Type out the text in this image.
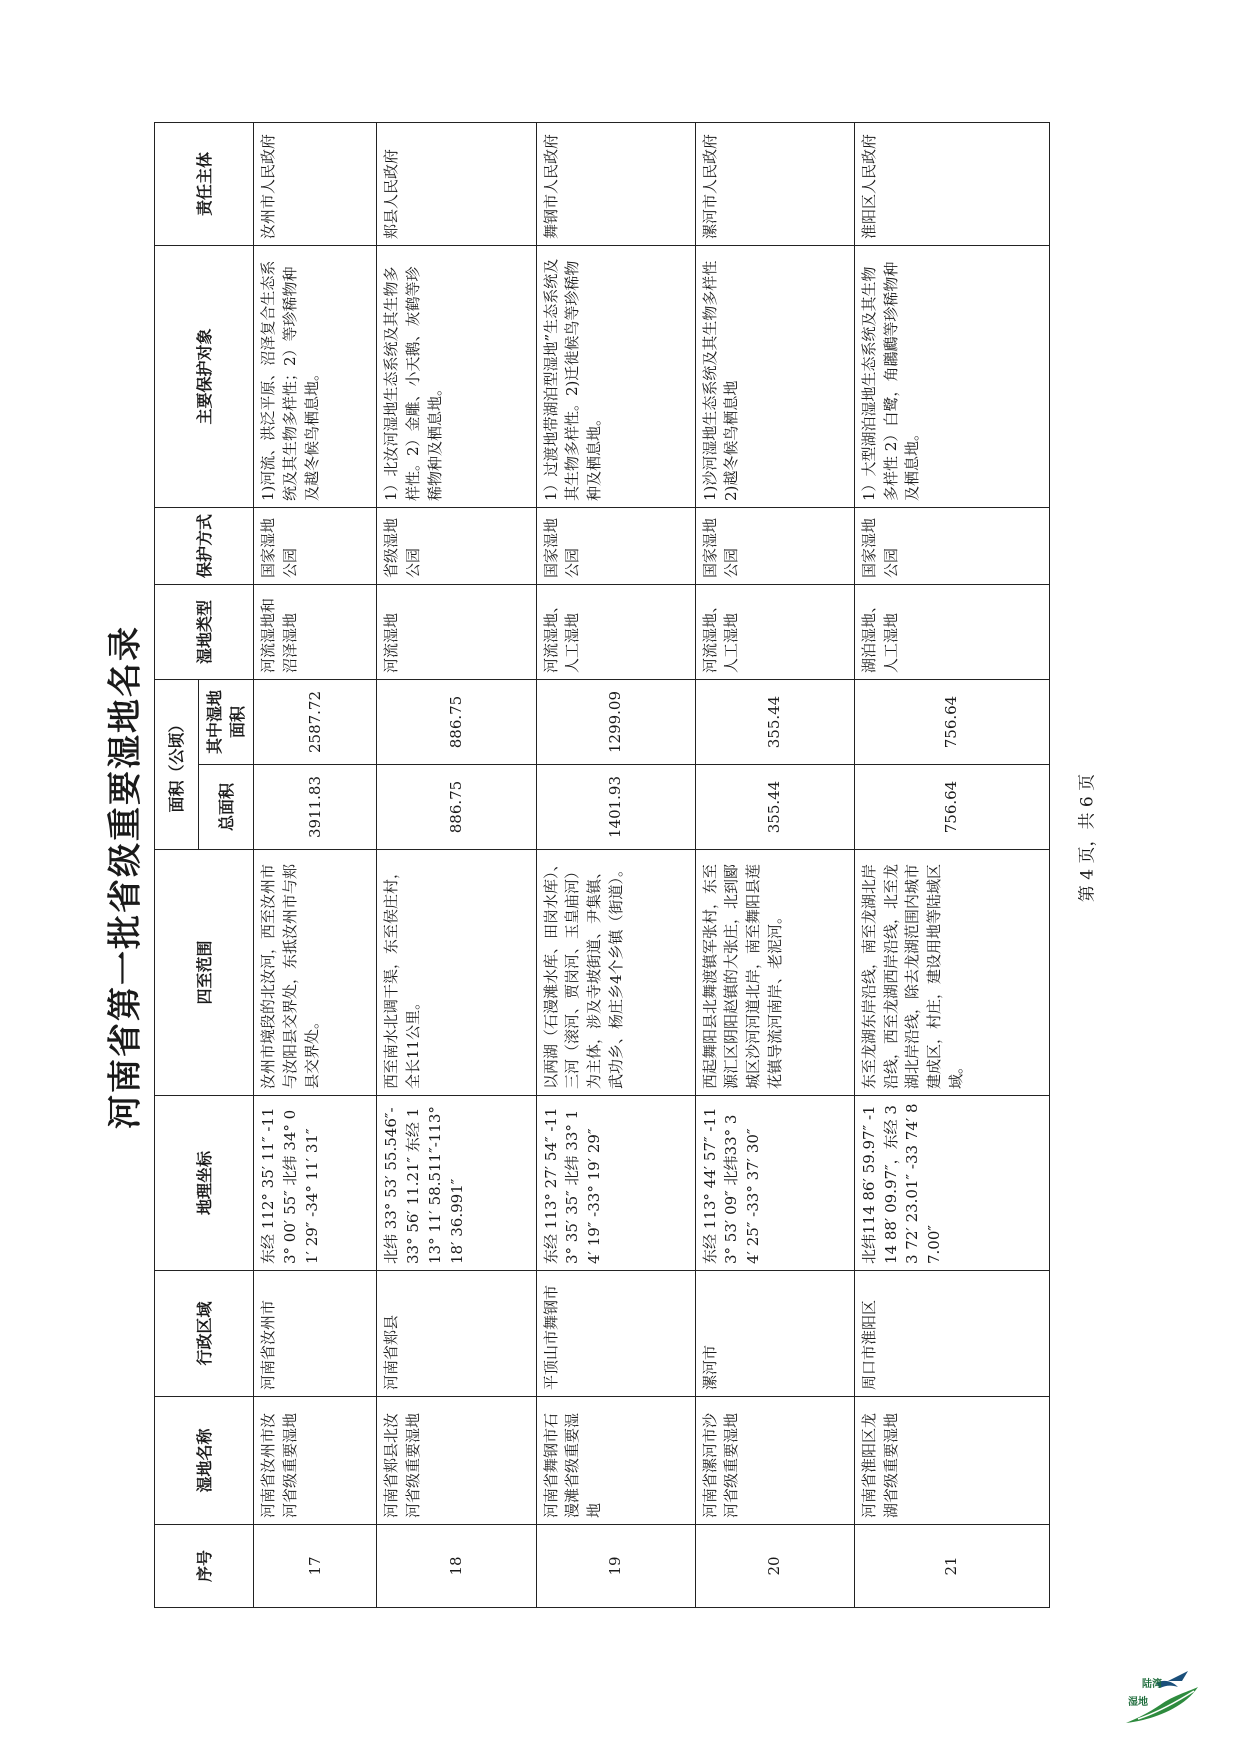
河南省第一批省级重要湿地名录
序号	湿地名称	行政区域	地理坐标	四至范围	面积（公顷）		湿地类型	保护方式	主要保护对象	责任主体
					总面积	其中湿地面积				
17	河南省汝州市汝河省级重要湿地	河南省汝州市	东经 112° 35′ 11″ -113° 00′ 55″ 北纬 34° 01′ 29″ -34° 11′ 31″	汝州市境段的北汝河，西至汝州市与汝阳县交界处，东抵汝州市与郏县交界处。	3911.83	2587.72	河流湿地和沼泽湿地	国家湿地公园	1)河流、洪泛平原、沼泽复合生态系统及其生物多样性；2）等珍稀物种及越冬候鸟栖息地。	汝州市人民政府
18	河南省郏县北汝河省级重要湿地	河南省郏县	北纬 33° 53′ 55.546″-33° 56′ 11.21″ 东经 113° 11′ 58.511″-113° 18′ 36.991″	西至南水北调干渠，东至侯庄村，全长11公里。	886.75	886.75	河流湿地	省级湿地公园	1）北汝河湿地生态系统及其生物多样性。2）金雕、小天鹅、灰鹤等珍稀物种及栖息地。	郏县人民政府
19	河南省舞钢市石漫滩省级重要湿地	平顶山市舞钢市	东经 113° 27′ 54″ -113° 35′ 35″ 北纬 33° 14′ 19″ -33° 19′ 29″	以两湖（石漫滩水库、田岗水库）、三河（滚河、贾岗河、玉皇庙河）为主体，涉及寺坡街道、尹集镇、武功乡、杨庄乡4个乡镇（街道）。	1401.93	1299.09	河流湿地、人工湿地	国家湿地公园	1）过渡地带湖泊型湿地”生态系统及其生物多样性。2)迁徙候鸟等珍稀物种及栖息地。	舞钢市人民政府
20	河南省漯河市沙河省级重要湿地	漯河市	东经 113° 44′ 57″ -113° 53′ 09″ 北纬33° 34′ 25″ -33° 37′ 30″	西起舞阳县北舞渡镇军张村，东至源汇区阴阳赵镇的大张庄，北到郾城区沙河河道北岸，南至舞阳县莲花镇导流河南岸、老泥河。	355.44	355.44	河流湿地、人工湿地	国家湿地公园	1)沙河湿地生态系统及其生物多样性 2)越冬候鸟栖息地	漯河市人民政府
21	河南省淮阳区龙湖省级重要湿地	周口市淮阳区	北纬114 86′ 59.97″ -114 88′ 09.97″，东经 33 72′ 23.01″ -33 74′ 87.00″	东至龙湖东岸沿线，南至龙湖北岸沿线，西至龙湖西岸沿线，北至龙湖北岸沿线，除去龙湖范围内城市建成区，村庄，建设用地等陆域区域。	756.64	756.64	湖泊湿地、人工湿地	国家湿地公园	1）大型湖泊湿地生态系统及其生物多样性 2）白鹭，角鸊鷉等珍稀物种及栖息地。	淮阳区人民政府
第 4 页，共 6 页
陆湾
湿地
